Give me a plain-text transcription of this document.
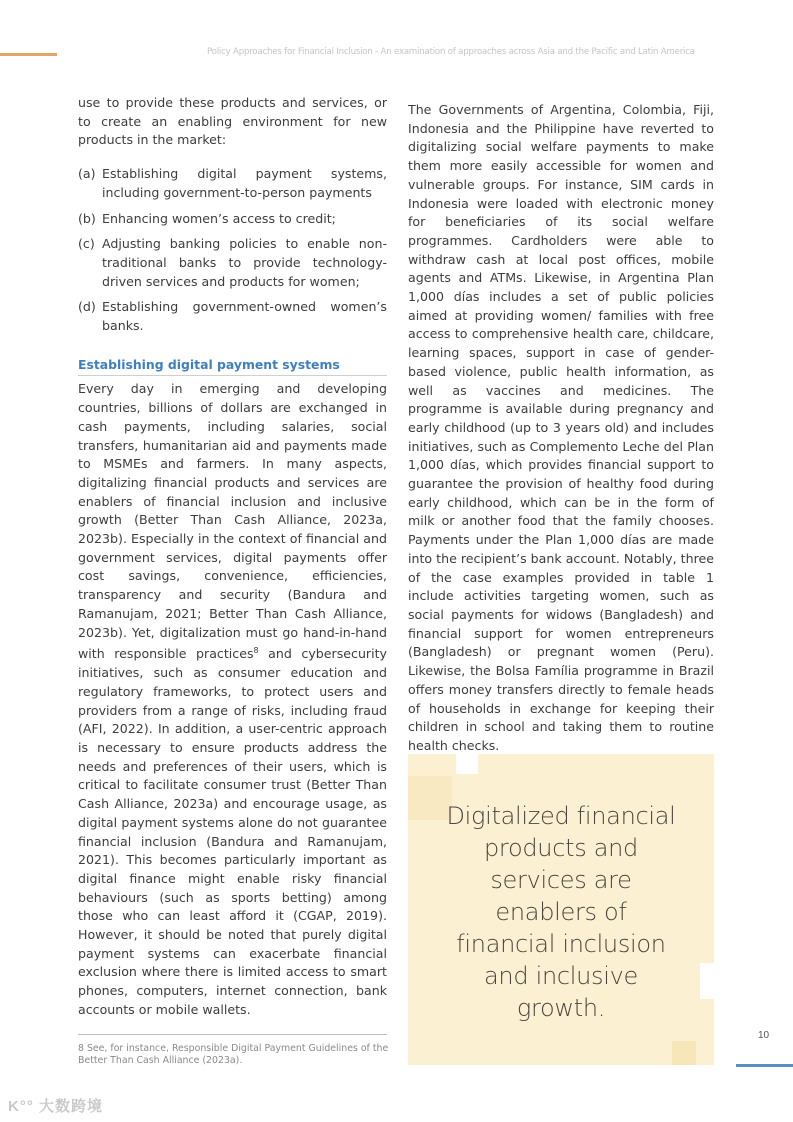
Policy Approaches for Financial Inclusion - An examination of approaches across Asia and the Pacific and Latin America

use to provide these products and services, or to create an enabling environment for new products in the market:

(a) Establishing digital payment systems, including government-to-person payments
(b) Enhancing women’s access to credit;
(c) Adjusting banking policies to enable non-traditional banks to provide technology-driven services and products for women;
(d) Establishing government-owned women’s banks.

Establishing digital payment systems

Every day in emerging and developing countries, billions of dollars are exchanged in cash payments, including salaries, social transfers, humanitarian aid and payments made to MSMEs and farmers. In many aspects, digitalizing financial products and services are enablers of financial inclusion and inclusive growth (Better Than Cash Alliance, 2023a, 2023b). Especially in the context of financial and government services, digital payments offer cost savings, convenience, efficiencies, transparency and security (Bandura and Ramanujam, 2021; Better Than Cash Alliance, 2023b). Yet, digitalization must go hand-in-hand with responsible practices$^8$ and cybersecurity initiatives, such as consumer education and regulatory frameworks, to protect users and providers from a range of risks, including fraud (AFI, 2022). In addition, a user-centric approach is necessary to ensure products address the needs and preferences of their users, which is critical to facilitate consumer trust (Better Than Cash Alliance, 2023a) and encourage usage, as digital payment systems alone do not guarantee financial inclusion (Bandura and Ramanujam, 2021). This becomes particularly important as digital finance might enable risky financial behaviours (such as sports betting) among those who can least afford it (CGAP, 2019). However, it should be noted that purely digital payment systems can exacerbate financial exclusion where there is limited access to smart phones, computers, internet connection, bank accounts or mobile wallets.

The Governments of Argentina, Colombia, Fiji, Indonesia and the Philippine have reverted to digitalizing social welfare payments to make them more easily accessible for women and vulnerable groups. For instance, SIM cards in Indonesia were loaded with electronic money for beneficiaries of its social welfare programmes. Cardholders were able to withdraw cash at local post offices, mobile agents and ATMs. Likewise, in Argentina Plan 1,000 días includes a set of public policies aimed at providing women/ families with free access to comprehensive health care, childcare, learning spaces, support in case of gender-based violence, public health information, as well as vaccines and medicines. The programme is available during pregnancy and early childhood (up to 3 years old) and includes initiatives, such as Complemento Leche del Plan 1,000 días, which provides financial support to guarantee the provision of healthy food during early childhood, which can be in the form of milk or another food that the family chooses. Payments under the Plan 1,000 días are made into the recipient’s bank account. Notably, three of the case examples provided in table 1 include activities targeting women, such as social payments for widows (Bangladesh) and financial support for women entrepreneurs (Bangladesh) or pregnant women (Peru). Likewise, the Bolsa Família programme in Brazil offers money transfers directly to female heads of households in exchange for keeping their children in school and taking them to routine health checks.

Digitalized financial products and services are enablers of financial inclusion and inclusive growth.
8 See, for instance, Responsible Digital Payment Guidelines of the Better Than Cash Alliance (2023a).
10
K°° 大数跨境
